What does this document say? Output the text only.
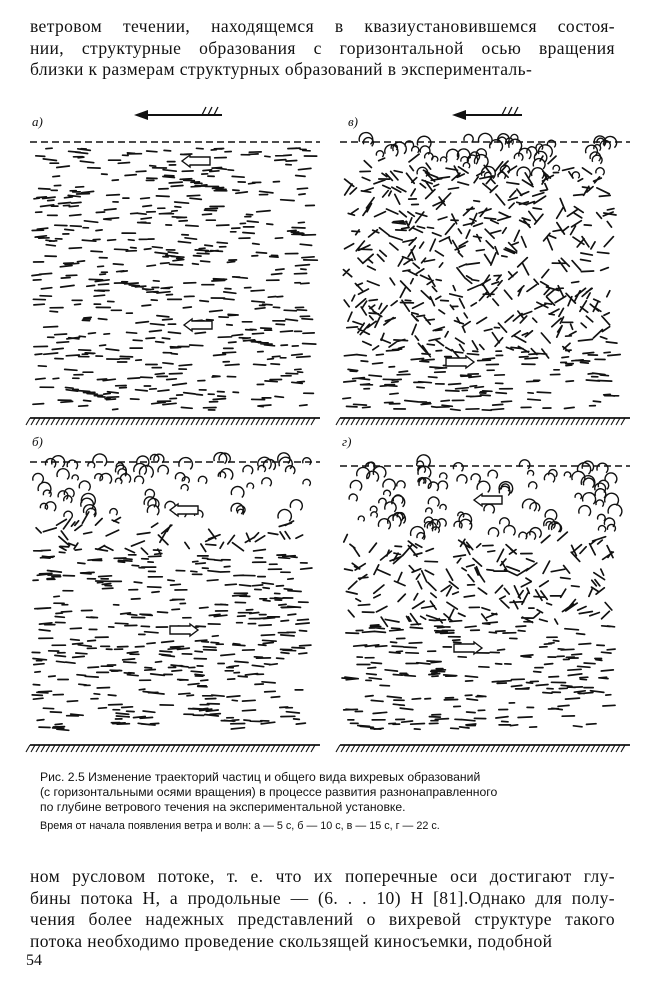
ветровом течении, находящемся в квазиустановившемся состоя-
нии, структурные образования с горизонтальной осью вращения
близки к размерам структурных образований в эксперименталь-
а)	в)
б)	г)
Рис. 2.5 Изменение траекторий частиц и общего вида вихревых образований
(с горизонтальными осями вращения) в процессе развития разнонаправленного
по глубине ветрового течения на экспериментальной установке.
Время от начала появления ветра и волн: а — 5 с, б — 10 с, в — 15 с, г — 22 с.
ном русловом потоке, т. е. что их поперечные оси достигают глу-
бины потока H, а продольные — (6. . . 10) H [81].Однако для полу-
чения более надежных представлений о вихревой структуре такого
потока необходимо проведение скользящей киносъемки, подобной
54
